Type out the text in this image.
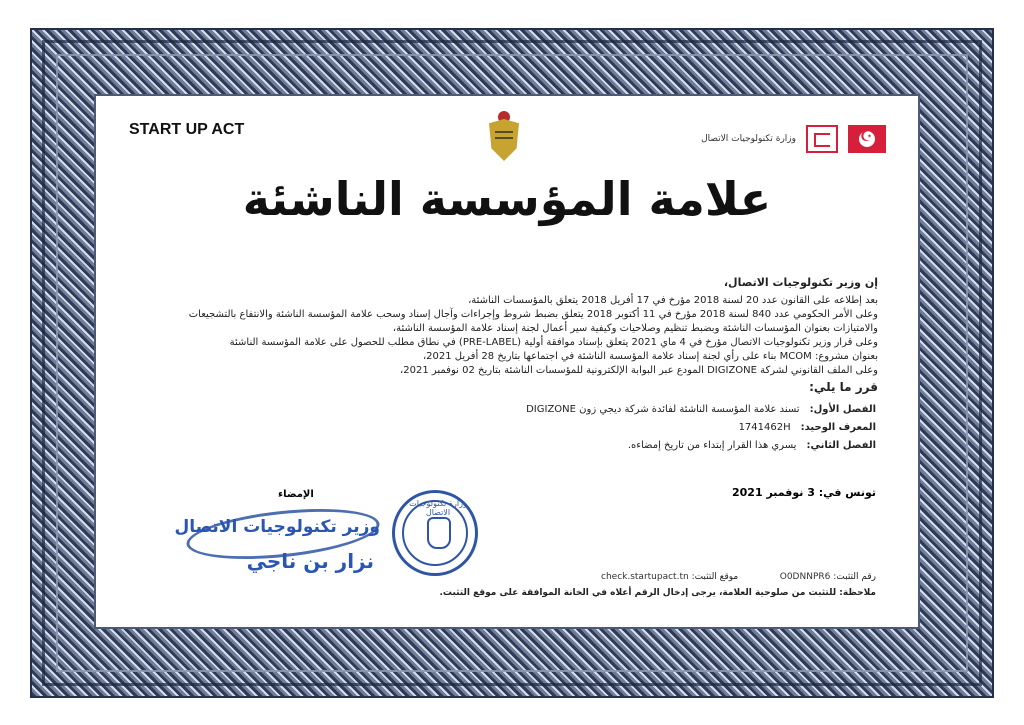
START UP ACT
وزارة تكنولوجيات الاتصال
☪
علامة المؤسسة الناشئة

إن وزير تكنولوجيات الاتصال،

بعد إطلاعه على القانون عدد 20 لسنة 2018 مؤرخ في 17 أفريل 2018 يتعلق بالمؤسسات الناشئة،

وعلى الأمر الحكومي عدد 840 لسنة 2018 مؤرخ في 11 أكتوبر 2018 يتعلق بضبط شروط وإجراءات وآجال إسناد وسحب علامة المؤسسة الناشئة والانتفاع بالتشجيعات

والامتيازات بعنوان المؤسسات الناشئة وبضبط تنظيم وصلاحيات وكيفية سير أعمال لجنة إسناد علامة المؤسسة الناشئة،

وعلى قرار وزير تكنولوجيات الاتصال مؤرخ في 4 ماي 2021 يتعلق بإسناد موافقة أولية (PRE-LABEL) في نطاق مطلب للحصول على علامة المؤسسة الناشئة

بعنوان مشروع: MCOM بناء على رأي لجنة إسناد علامة المؤسسة الناشئة في اجتماعها بتاريخ 28 أفريل 2021،

وعلى الملف القانوني لشركة DIGIZONE المودع عبر البوابة الإلكترونية للمؤسسات الناشئة بتاريخ 02 نوفمبر 2021،

قرر ما يلي:

الفصل الأول:
تسند علامة المؤسسة الناشئة لفائدة شركة ديجي زون DIGIZONE
المعرف الوحيد:
1741462H
الفصل الثاني:
يسري هذا القرار إبتداء من تاريخ إمضاءه.
تونس في: 3 نوفمبر 2021
الإمضاء
وزير تكنولوجيات الاتصال
نزار بن ناجي
وزارة تكنولوجيات الاتصال
موقع التثبت: check.startupact.tn	رقم التثبت: O0DNNPR6
ملاحظة: للتثبت من صلوحية العلامة، يرجى إدخال الرقم أعلاه في الخانة الموافقة على موقع التثبت.
